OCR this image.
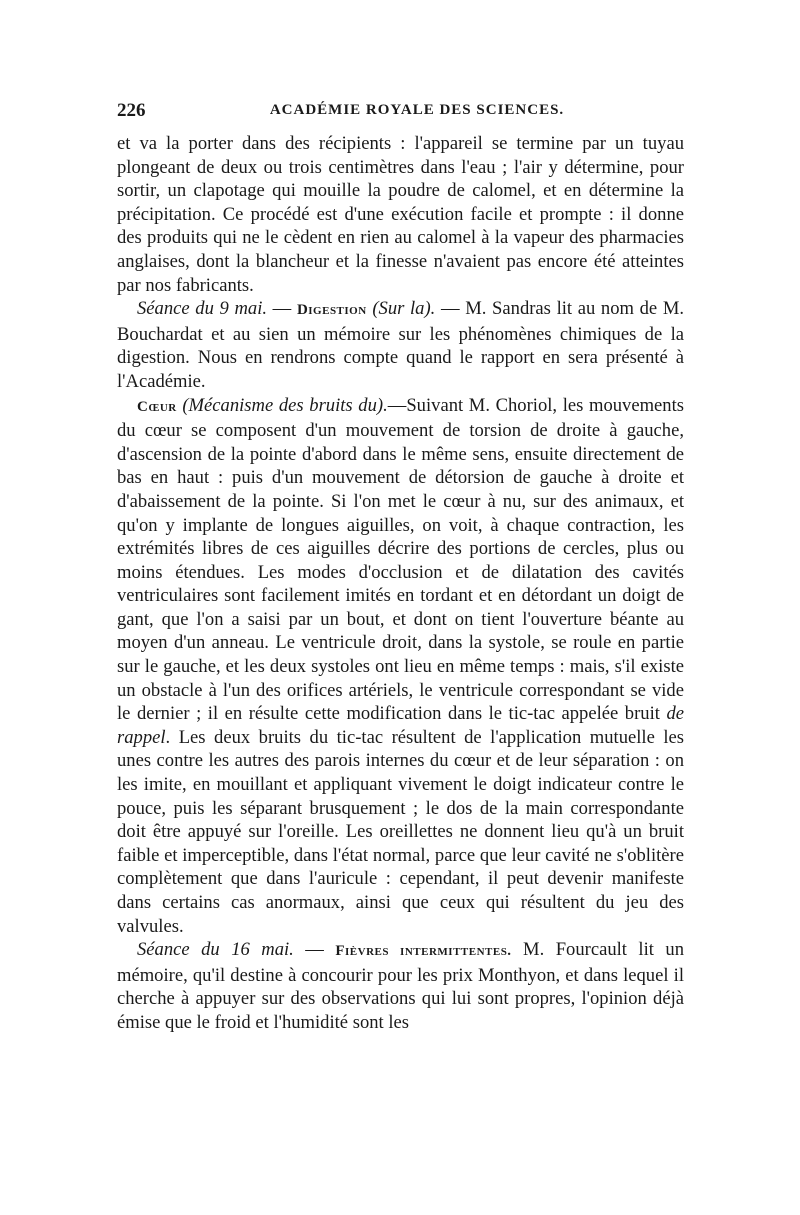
226	ACADÉMIE ROYALE DES SCIENCES.

et va la porter dans des récipients : l'appareil se termine par un tuyau plongeant de deux ou trois centimètres dans l'eau ; l'air y détermine, pour sortir, un clapotage qui mouille la poudre de calomel, et en détermine la précipitation. Ce procédé est d'une exécution facile et prompte : il donne des produits qui ne le cèdent en rien au calomel à la vapeur des pharmacies anglaises, dont la blancheur et la finesse n'avaient pas encore été atteintes par nos fabricants.

Séance du 9 mai. — Digestion (Sur la). — M. Sandras lit au nom de M. Bouchardat et au sien un mémoire sur les phénomènes chimiques de la digestion. Nous en rendrons compte quand le rapport en sera présenté à l'Académie.

Cœur (Mécanisme des bruits du).—Suivant M. Choriol, les mouvements du cœur se composent d'un mouvement de torsion de droite à gauche, d'ascension de la pointe d'abord dans le même sens, ensuite directement de bas en haut : puis d'un mouvement de détorsion de gauche à droite et d'abaissement de la pointe. Si l'on met le cœur à nu, sur des animaux, et qu'on y implante de longues aiguilles, on voit, à chaque contraction, les extrémités libres de ces aiguilles décrire des portions de cercles, plus ou moins étendues. Les modes d'occlusion et de dilatation des cavités ventriculaires sont facilement imités en tordant et en détordant un doigt de gant, que l'on a saisi par un bout, et dont on tient l'ouverture béante au moyen d'un anneau. Le ventricule droit, dans la systole, se roule en partie sur le gauche, et les deux systoles ont lieu en même temps : mais, s'il existe un obstacle à l'un des orifices artériels, le ventricule correspondant se vide le dernier ; il en résulte cette modification dans le tic-tac appelée bruit de rappel. Les deux bruits du tic-tac résultent de l'application mutuelle les unes contre les autres des parois internes du cœur et de leur séparation : on les imite, en mouillant et appliquant vivement le doigt indicateur contre le pouce, puis les séparant brusquement ; le dos de la main correspondante doit être appuyé sur l'oreille. Les oreillettes ne donnent lieu qu'à un bruit faible et imperceptible, dans l'état normal, parce que leur cavité ne s'oblitère complètement que dans l'auricule : cependant, il peut devenir manifeste dans certains cas anormaux, ainsi que ceux qui résultent du jeu des valvules.

Séance du 16 mai. — Fièvres intermittentes. M. Fourcault lit un mémoire, qu'il destine à concourir pour les prix Monthyon, et dans lequel il cherche à appuyer sur des observations qui lui sont propres, l'opinion déjà émise que le froid et l'humidité sont les
